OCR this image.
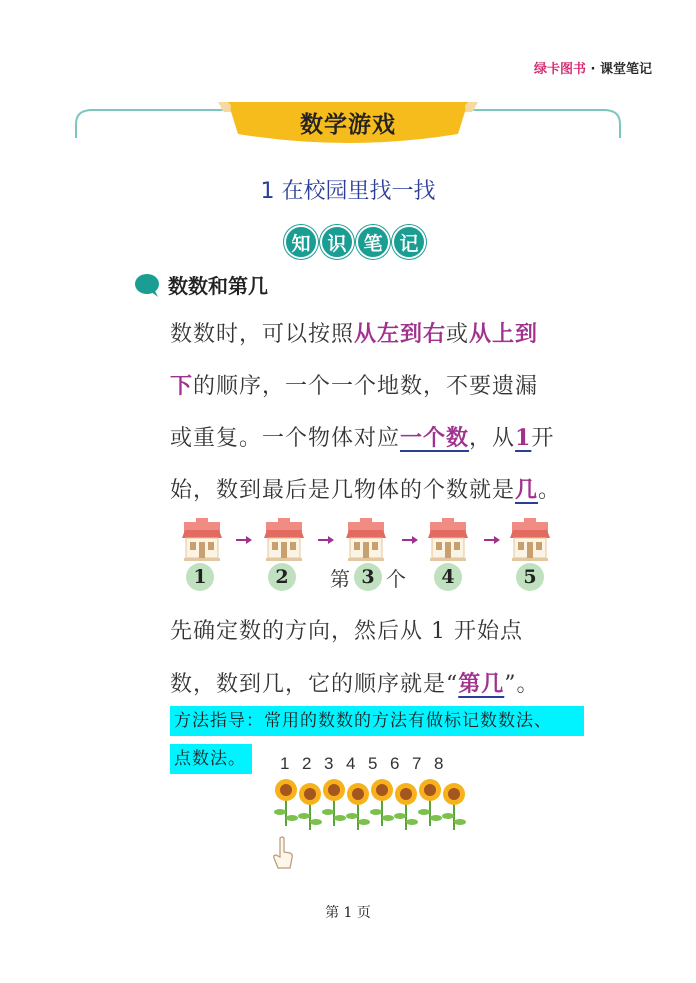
绿卡图书 · 课堂笔记
数学游戏
1 在校园里找一找
知 识 笔 记
数数和第几
数数时，可以按照从左到右或从上到
下的顺序，一个一个地数，不要遗漏
或重复。一个物体对应一个数，从1开
始，数到最后是几物体的个数就是几。
1	2	第 3 个	4	5
先确定数的方向，然后从 1 开始点
数，数到几，它的顺序就是“第几”。
方法指导：常用的数数的方法有做标记数数法、
点数法。	1 2 3 4 5 6 7 8
第 1 页
